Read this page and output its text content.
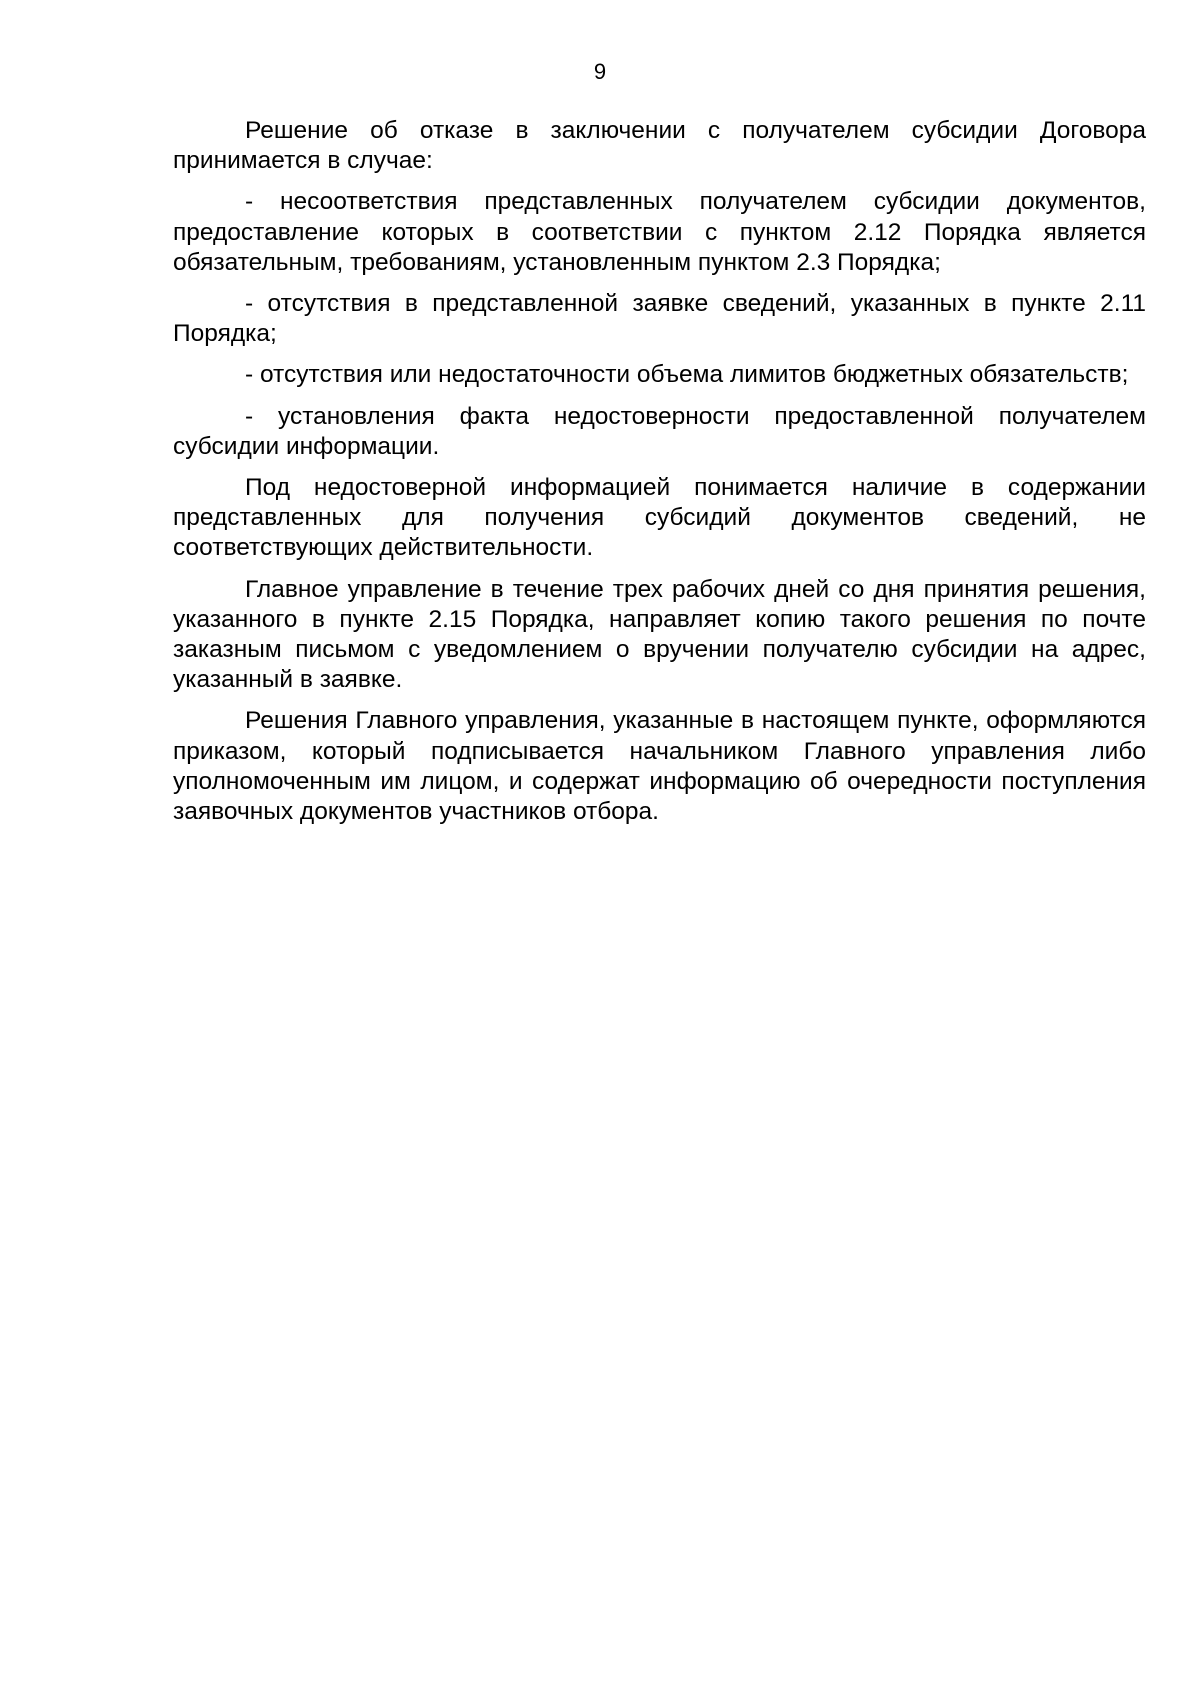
9

Решение об отказе в заключении с получателем субсидии Договора принимается в случае:

- несоответствия представленных получателем субсидии документов, предоставление которых в соответствии с пунктом 2.12 Порядка является обязательным, требованиям, установленным пунктом 2.3 Порядка;

- отсутствия в представленной заявке сведений, указанных в пункте 2.11 Порядка;

- отсутствия или недостаточности объема лимитов бюджетных обязательств;

- установления факта недостоверности предоставленной получателем субсидии информации.

Под недостоверной информацией понимается наличие в содержании представленных для получения субсидий документов сведений, не соответствующих действительности.

Главное управление в течение трех рабочих дней со дня принятия решения, указанного в пункте 2.15 Порядка, направляет копию такого решения по почте заказным письмом с уведомлением о вручении получателю субсидии на адрес, указанный в заявке.

Решения Главного управления, указанные в настоящем пункте, оформляются приказом, который подписывается начальником Главного управления либо уполномоченным им лицом, и содержат информацию об очередности поступления заявочных документов участников отбора.
